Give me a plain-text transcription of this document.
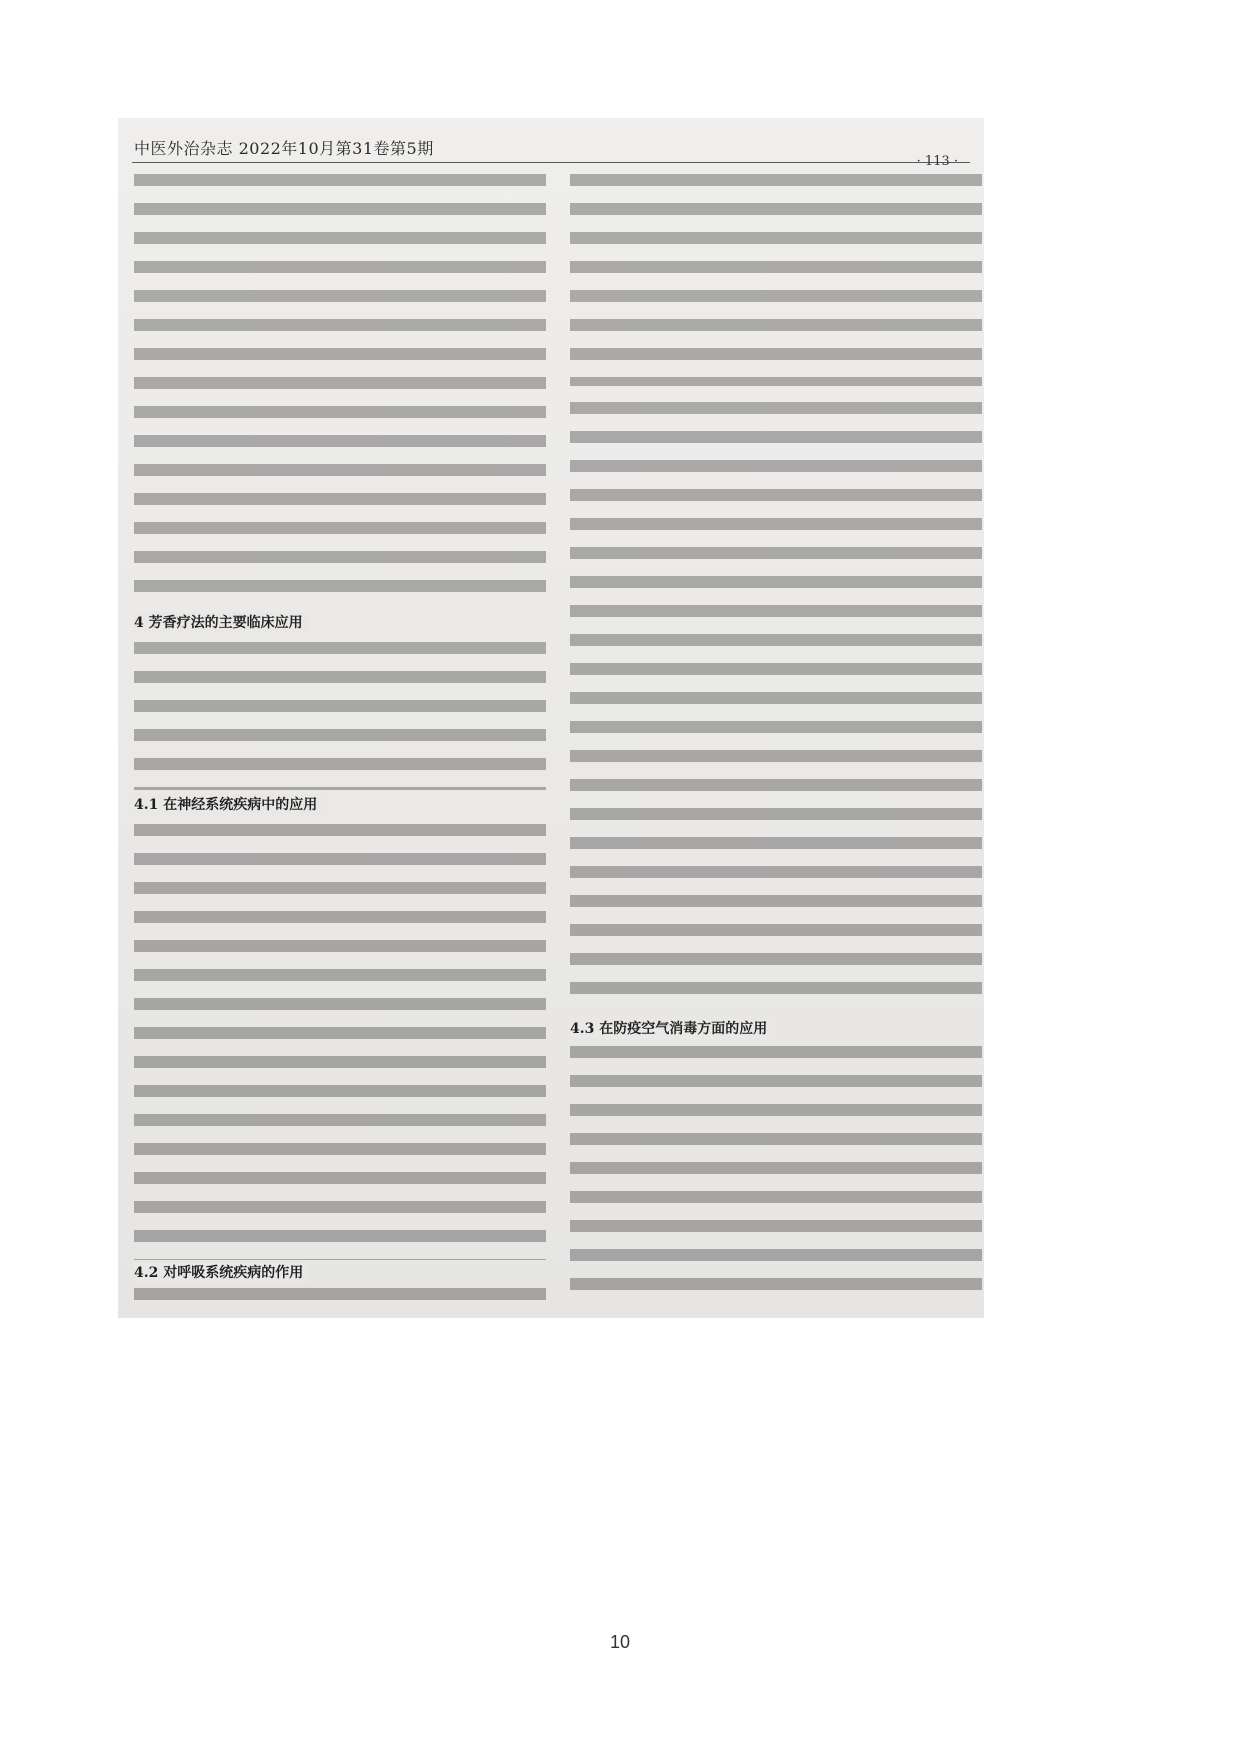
中医外治杂志 2022年10月第31卷第5期
· 113 ·
4 芳香疗法的主要临床应用
4.1 在神经系统疾病中的应用
4.2 对呼吸系统疾病的作用
4.3 在防疫空气消毒方面的应用
10
